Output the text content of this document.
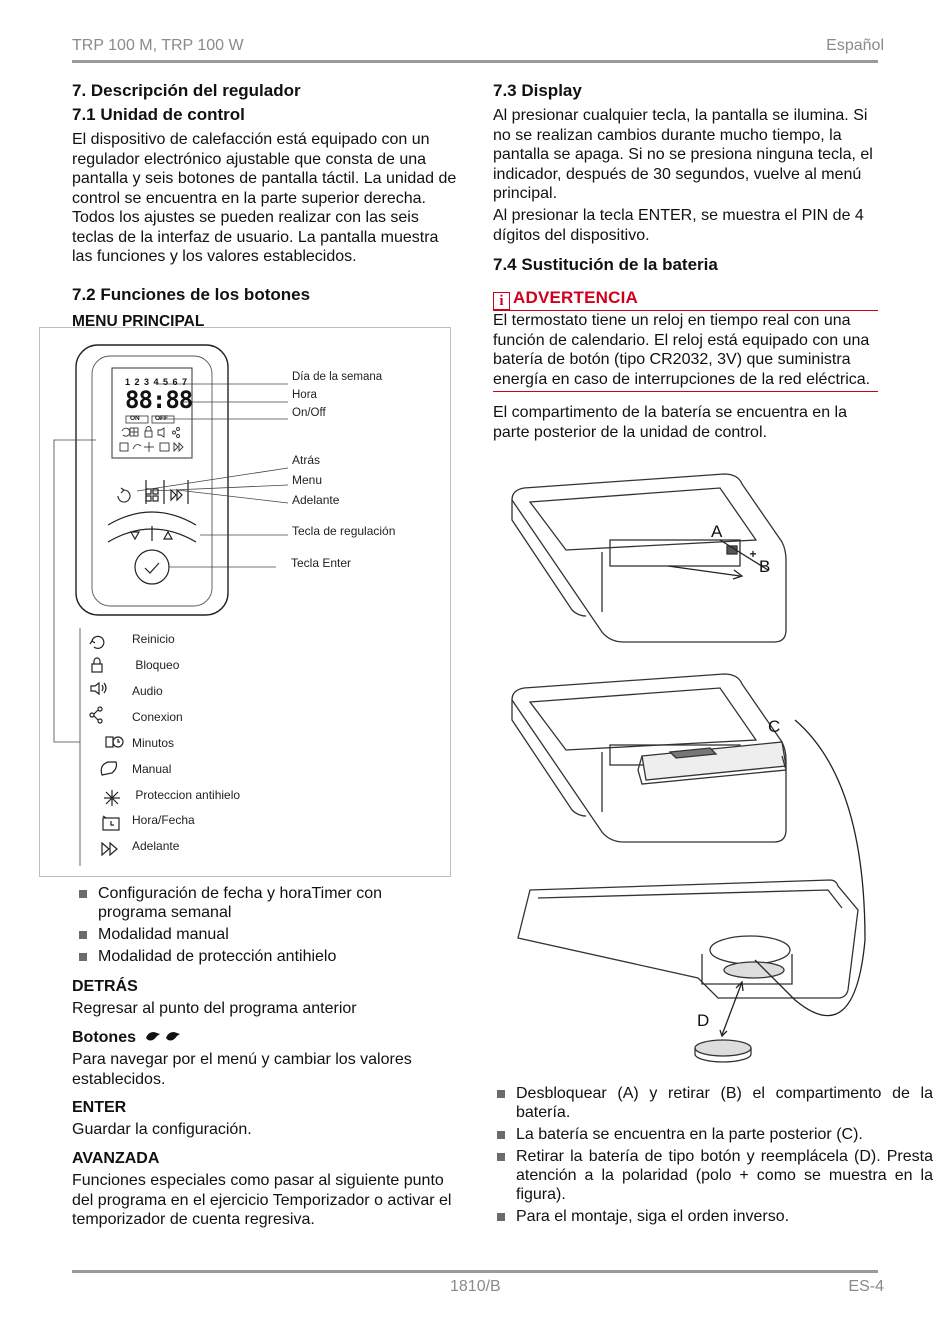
TRP 100 M, TRP 100 W	Español
7. Descripción del regulador
7.1 Unidad de control

El dispositivo de calefacción está equipado con un regulador electrónico ajustable que consta de una pantalla y seis botones de pantalla táctil. La unidad de control se encuentra en la parte superior derecha. Todos los ajustes se pueden realizar con las seis teclas de la interfaz de usuario. La pantalla muestra las funciones y los valores establecidos.

7.2 Funciones de los botones
MENU PRINCIPAL
1 2 3 4 5 6 7
88:88
ON OFF
Día de la semana
Hora
On/Off
Atrás
Menu
Adelante
Tecla de regulación
Tecla Enter
Reinicio
Bloqueo
Audio
Conexion
Minutos
Manual
Proteccion antihielo
Hora/Fecha
Adelante
Configuración de fecha y horaTimer con programa semanal
Modalidad manual
Modalidad de protección antihielo
DETRÁS

Regresar al punto del programa anterior

Botones

Para navegar por el menú y cambiar los valores establecidos.

ENTER

Guardar la configuración.

AVANZADA

Funciones especiales como pasar al siguiente punto del programa en el ejercicio Temporizador o activar el temporizador de cuenta regresiva.

7.3 Display

Al presionar cualquier tecla, la pantalla se ilumina. Si no se realizan cambios durante mucho tiempo, la pantalla se apaga. Si no se presiona ninguna tecla, el indicador, después de 30 segundos, vuelve al menú principal.

Al presionar la tecla ENTER, se muestra el PIN de 4 dígitos del dispositivo.

7.4 Sustitución de la bateria
i ADVERTENCIA

El termostato tiene un reloj en tiempo real con una función de calendario. El reloj está equipado con una batería de botón (tipo CR2032, 3V) que suministra energía en caso de interrupciones de la red eléctrica.

El compartimento de la batería se encuentra en la parte posterior de la unidad de control.

+
A
B
C
D
Desbloquear (A) y retirar (B) el compartimento de la batería.
La batería se encuentra en la parte posterior (C).
Retirar la batería de tipo botón y reemplácela (D). Presta atención a la polaridad (polo + como se muestra en la figura).
Para el montaje, siga el orden inverso.
1810/B	ES-4
